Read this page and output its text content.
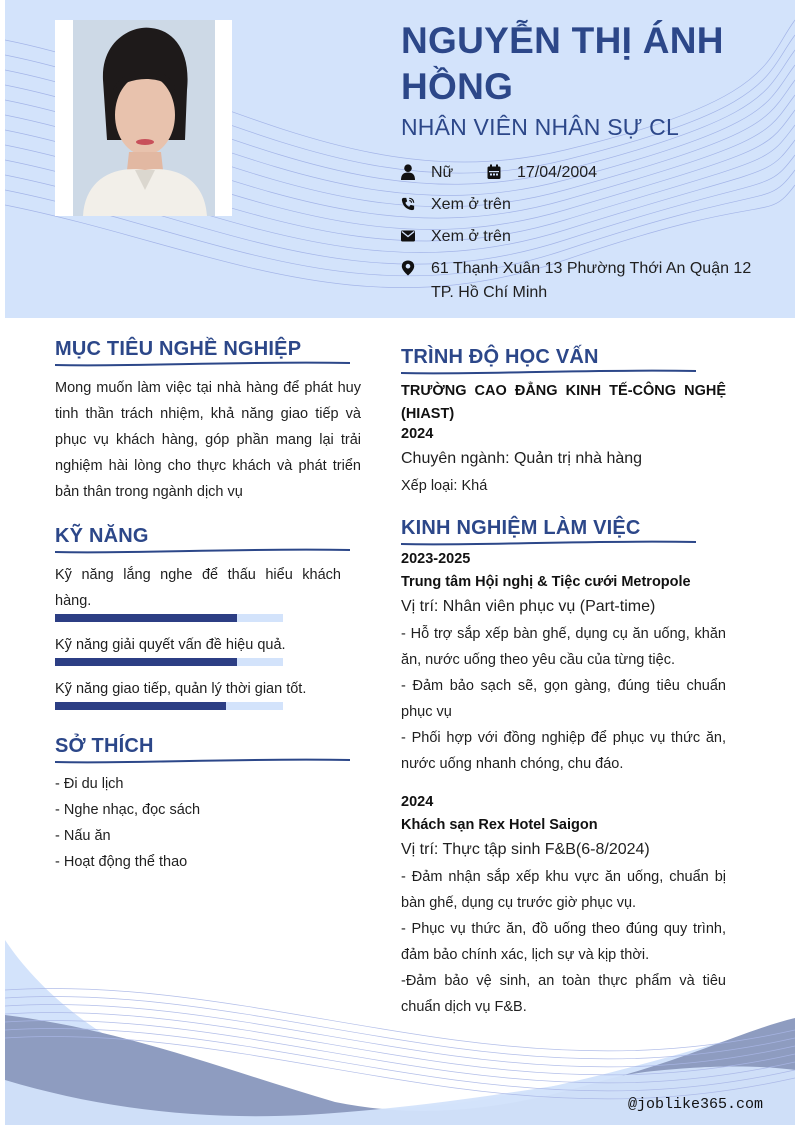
NGUYỄN THỊ ÁNH HỒNG
NHÂN VIÊN NHÂN SỰ CL
Nữ	17/04/2004
Xem ở trên
Xem ở trên
61 Thạnh Xuân 13 Phường Thới An Quận 12 TP. Hồ Chí Minh
MỤC TIÊU NGHỀ NGHIỆP
Mong muốn làm việc tại nhà hàng để phát huy tinh thần trách nhiệm, khả năng giao tiếp và phục vụ khách hàng, góp phần mang lại trải nghiệm hài lòng cho thực khách và phát triển bản thân trong ngành dịch vụ
KỸ NĂNG
Kỹ năng lắng nghe để thấu hiểu khách hàng.
Kỹ năng giải quyết vấn đề hiệu quả.
Kỹ năng giao tiếp, quản lý thời gian tốt.
SỞ THÍCH
- Đi du lịch
- Nghe nhạc, đọc sách
- Nấu ăn
- Hoạt động thể thao
TRÌNH ĐỘ HỌC VẤN
TRƯỜNG CAO ĐẲNG KINH TẾ-CÔNG NGHỆ (HIAST)
2024
Chuyên ngành: Quản trị nhà hàng
Xếp loại: Khá
KINH NGHIỆM LÀM VIỆC
2023-2025
Trung tâm Hội nghị & Tiệc cưới Metropole
Vị trí: Nhân viên phục vụ (Part-time)
- Hỗ trợ sắp xếp bàn ghế, dụng cụ ăn uống, khăn ăn, nước uống theo yêu cầu của từng tiệc.
- Đảm bảo sạch sẽ, gọn gàng, đúng tiêu chuẩn phục vụ
- Phối hợp với đồng nghiệp để phục vụ thức ăn, nước uống nhanh chóng, chu đáo.
2024
Khách sạn Rex Hotel Saigon
Vị trí: Thực tập sinh F&B(6-8/2024)
- Đảm nhận sắp xếp khu vực ăn uống, chuẩn bị bàn ghế, dụng cụ trước giờ phục vụ.
- Phục vụ thức ăn, đồ uống theo đúng quy trình, đảm bảo chính xác, lịch sự và kịp thời.
-Đảm bảo vệ sinh, an toàn thực phẩm và tiêu chuẩn dịch vụ F&B.
@joblike365.com
